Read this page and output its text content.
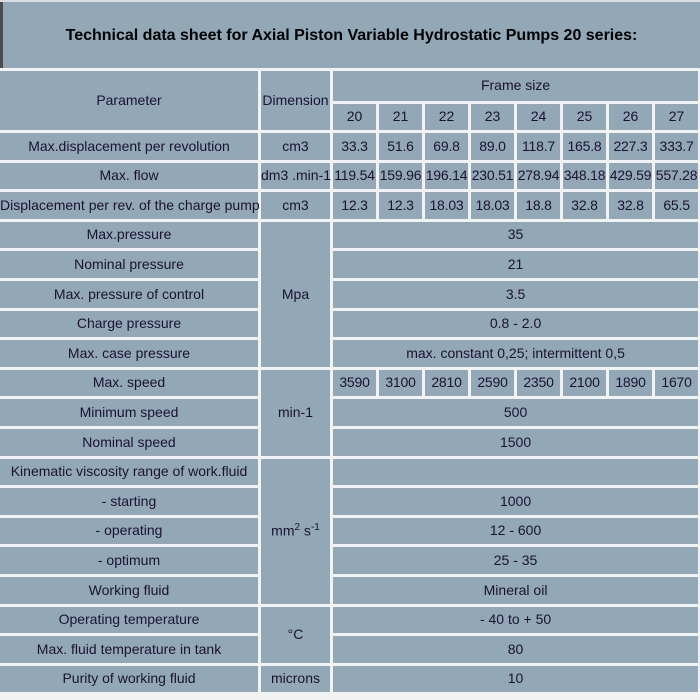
Technical data sheet for Axial Piston Variable Hydrostatic Pumps 20 series:
Parameter	Dimension	Frame size							
		20	21	22	23	24	25	26	27
Max.displacement per revolution	cm3	33.3	51.6	69.8	89.0	118.7	165.8	227.3	333.7
Max. flow	dm3 .min-1	119.54	159.96	196.14	230.51	278.94	348.18	429.59	557.28
Displacement per rev. of the charge pump	cm3	12.3	12.3	18.03	18.03	18.8	32.8	32.8	65.5
Max.pressure	Mpa	35							
Nominal pressure		21							
Max. pressure of control		3.5							
Charge pressure		0.8 - 2.0							
Max. case pressure		max. constant 0,25; intermittent 0,5							
Max. speed	min-1	3590	3100	2810	2590	2350	2100	1890	1670
Minimum speed		500							
Nominal speed		1500							
Kinematic viscosity range of work.fluid	$mm^2$ $s^{-1}$	
- starting		1000							
- operating		12 - 600							
- optimum		25 - 35							
Working fluid		Mineral oil							
Operating temperature	°C	- 40 to + 50							
Max. fluid temperature in tank		80							
Purity of working fluid	microns	10							
